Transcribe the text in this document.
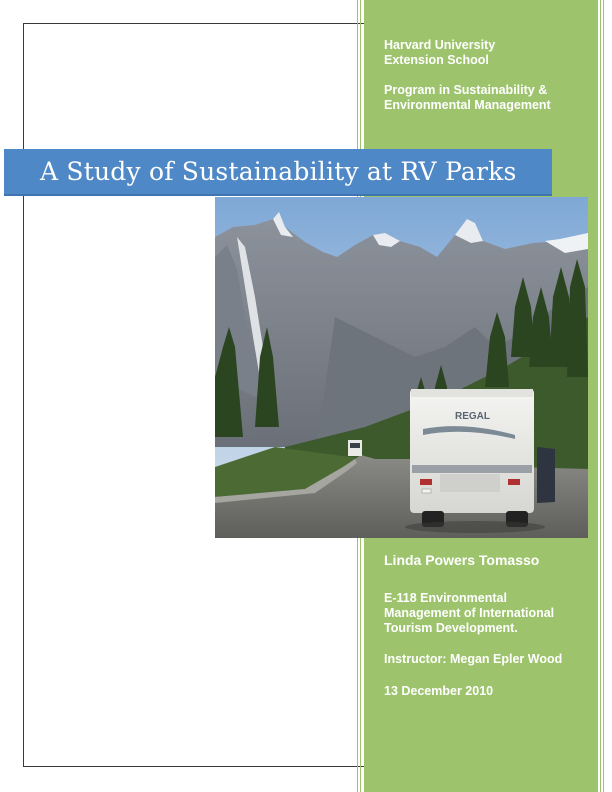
Harvard University
Extension School
Program in Sustainability &
Environmental Management
A Study of Sustainability at RV Parks
REGAL
Linda Powers Tomasso
E-118 Environmental
Management of International
Tourism Development.
Instructor: Megan Epler Wood
13 December 2010
